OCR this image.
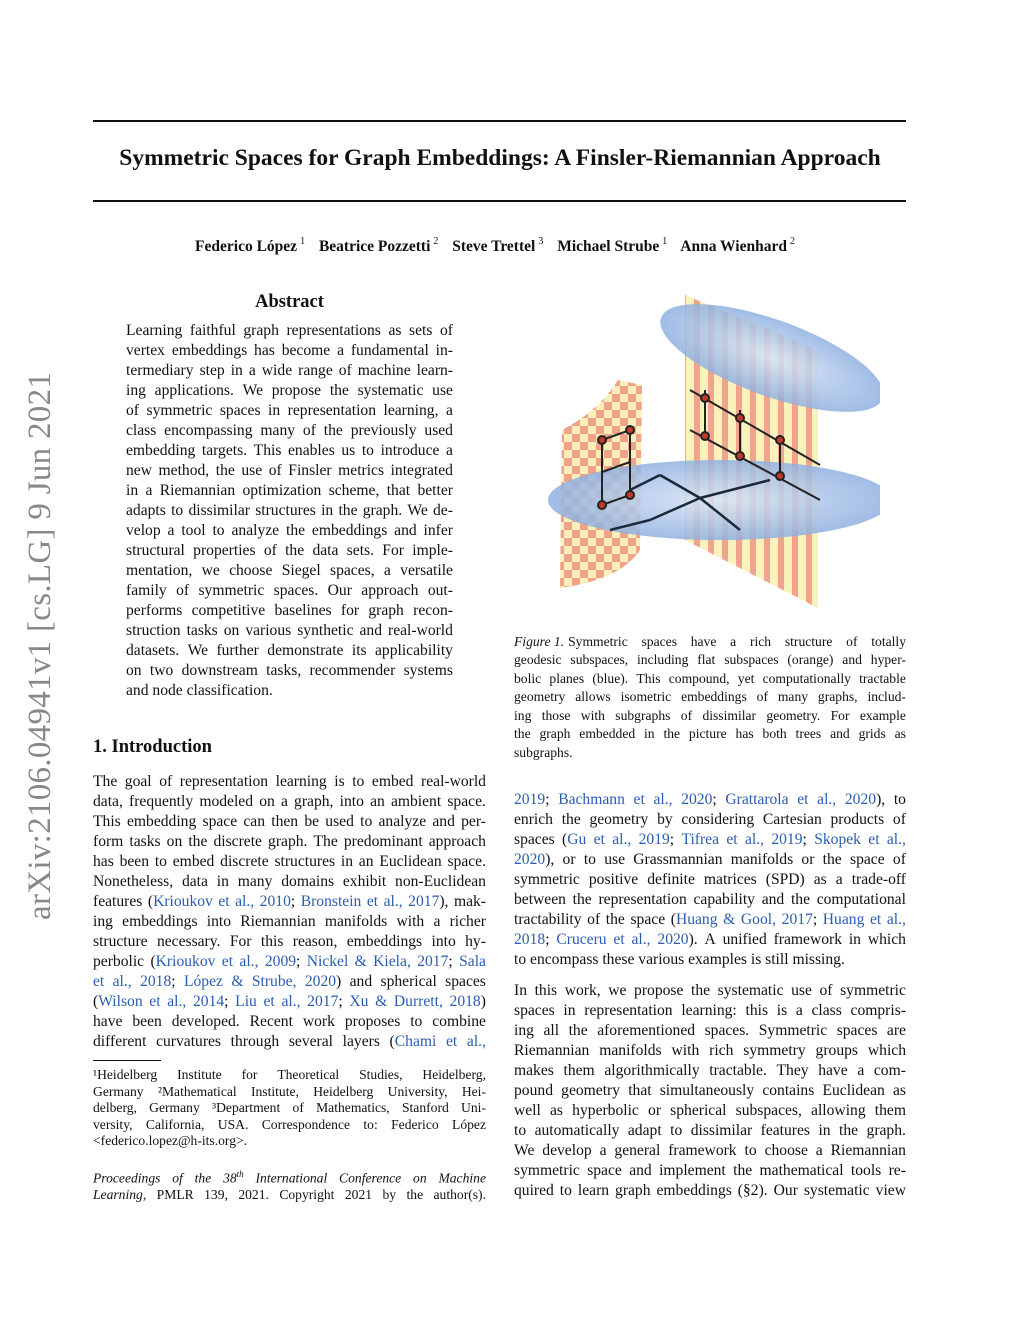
Symmetric Spaces for Graph Embeddings: A Finsler-Riemannian Approach
Federico López $^1$ Beatrice Pozzetti $^2$ Steve Trettel $^3$ Michael Strube $^1$ Anna Wienhard $^2$
arXiv:2106.04941v1 [cs.LG] 9 Jun 2021
Abstract
Learning faithful graph representations as sets of
vertex embeddings has become a fundamental in-
termediary step in a wide range of machine learn-
ing applications. We propose the systematic use
of symmetric spaces in representation learning, a
class encompassing many of the previously used
embedding targets. This enables us to introduce a
new method, the use of Finsler metrics integrated
in a Riemannian optimization scheme, that better
adapts to dissimilar structures in the graph. We de-
velop a tool to analyze the embeddings and infer
structural properties of the data sets. For imple-
mentation, we choose Siegel spaces, a versatile
family of symmetric spaces. Our approach out-
performs competitive baselines for graph recon-
struction tasks on various synthetic and real-world
datasets. We further demonstrate its applicability
on two downstream tasks, recommender systems
and node classification.
1. Introduction
The goal of representation learning is to embed real-world
data, frequently modeled on a graph, into an ambient space.
This embedding space can then be used to analyze and per-
form tasks on the discrete graph. The predominant approach
has been to embed discrete structures in an Euclidean space.
Nonetheless, data in many domains exhibit non-Euclidean
features (Krioukov et al., 2010; Bronstein et al., 2017), mak-
ing embeddings into Riemannian manifolds with a richer
structure necessary. For this reason, embeddings into hy-
perbolic (Krioukov et al., 2009; Nickel & Kiela, 2017; Sala
et al., 2018; López & Strube, 2020) and spherical spaces
(Wilson et al., 2014; Liu et al., 2017; Xu & Durrett, 2018)
have been developed. Recent work proposes to combine
different curvatures through several layers (Chami et al.,
¹Heidelberg Institute for Theoretical Studies, Heidelberg,
Germany ²Mathematical Institute, Heidelberg University, Hei-
delberg, Germany ³Department of Mathematics, Stanford Uni-
versity, California, USA. Correspondence to: Federico López
<federico.lopez@h-its.org>.
Proceedings of the 38th International Conference on Machine
Learning, PMLR 139, 2021. Copyright 2021 by the author(s).
Figure 1. Symmetric spaces have a rich structure of totally
geodesic subspaces, including flat subspaces (orange) and hyper-
bolic planes (blue). This compound, yet computationally tractable
geometry allows isometric embeddings of many graphs, includ-
ing those with subgraphs of dissimilar geometry. For example
the graph embedded in the picture has both trees and grids as
subgraphs.
2019; Bachmann et al., 2020; Grattarola et al., 2020), to
enrich the geometry by considering Cartesian products of
spaces (Gu et al., 2019; Tifrea et al., 2019; Skopek et al.,
2020), or to use Grassmannian manifolds or the space of
symmetric positive definite matrices (SPD) as a trade-off
between the representation capability and the computational
tractability of the space (Huang & Gool, 2017; Huang et al.,
2018; Cruceru et al., 2020). A unified framework in which
to encompass these various examples is still missing.
In this work, we propose the systematic use of symmetric
spaces in representation learning: this is a class compris-
ing all the aforementioned spaces. Symmetric spaces are
Riemannian manifolds with rich symmetry groups which
makes them algorithmically tractable. They have a com-
pound geometry that simultaneously contains Euclidean as
well as hyperbolic or spherical subspaces, allowing them
to automatically adapt to dissimilar features in the graph.
We develop a general framework to choose a Riemannian
symmetric space and implement the mathematical tools re-
quired to learn graph embeddings (§2). Our systematic view
